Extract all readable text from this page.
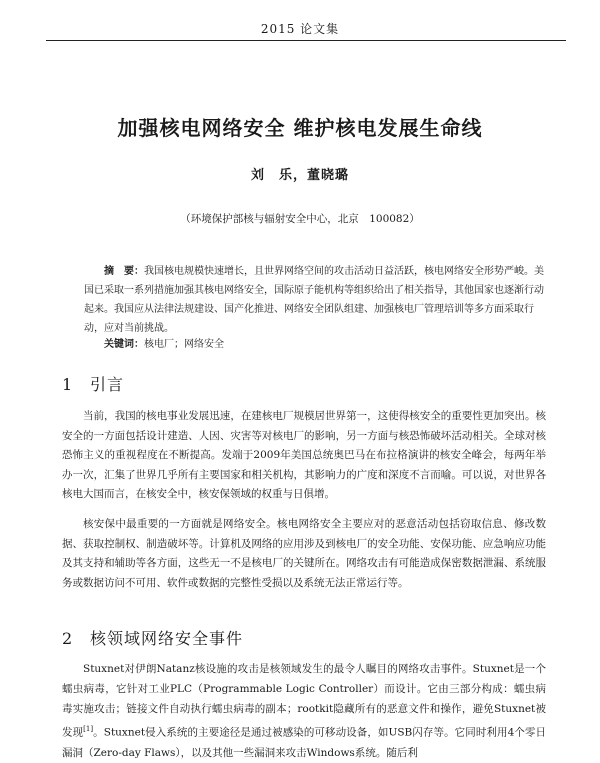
2015 论文集
加强核电网络安全 维护核电发展生命线
刘　乐，董晓璐
（环境保护部核与辐射安全中心，北京　100082）
摘　要：我国核电规模快速增长，且世界网络空间的攻击活动日益活跃，核电网络安全形势严峻。美国已采取一系列措施加强其核电网络安全，国际原子能机构等组织给出了相关指导，其他国家也逐渐行动起来。我国应从法律法规建设、国产化推进、网络安全团队组建、加强核电厂管理培训等多方面采取行动，应对当前挑战。
关键词：核电厂；网络安全
1 引言
当前，我国的核电事业发展迅速，在建核电厂规模居世界第一，这使得核安全的重要性更加突出。核安全的一方面包括设计建造、人因、灾害等对核电厂的影响，另一方面与核恐怖破坏活动相关。全球对核恐怖主义的重视程度在不断提高。发端于2009年美国总统奥巴马在布拉格演讲的核安全峰会，每两年举办一次，汇集了世界几乎所有主要国家和相关机构，其影响力的广度和深度不言而喻。可以说，对世界各核电大国而言，在核安全中，核安保领域的权重与日俱增。
核安保中最重要的一方面就是网络安全。核电网络安全主要应对的恶意活动包括窃取信息、修改数据、获取控制权、制造破坏等。计算机及网络的应用涉及到核电厂的安全功能、安保功能、应急响应功能及其支持和辅助等各方面，这些无一不是核电厂的关键所在。网络攻击有可能造成保密数据泄漏、系统服务或数据访问不可用、软件或数据的完整性受损以及系统无法正常运行等。
2 核领域网络安全事件
Stuxnet对伊朗Natanz核设施的攻击是核领域发生的最令人瞩目的网络攻击事件。Stuxnet是一个蠕虫病毒，它针对工业PLC（Programmable Logic Controller）而设计。它由三部分构成：蠕虫病毒实施攻击；链接文件自动执行蠕虫病毒的副本；rootkit隐藏所有的恶意文件和操作，避免Stuxnet被发现[1]。Stuxnet侵入系统的主要途径是通过被感染的可移动设备，如USB闪存等。它同时利用4个零日漏洞（Zero-day Flaws），以及其他一些漏洞来攻击Windows系统。随后利
